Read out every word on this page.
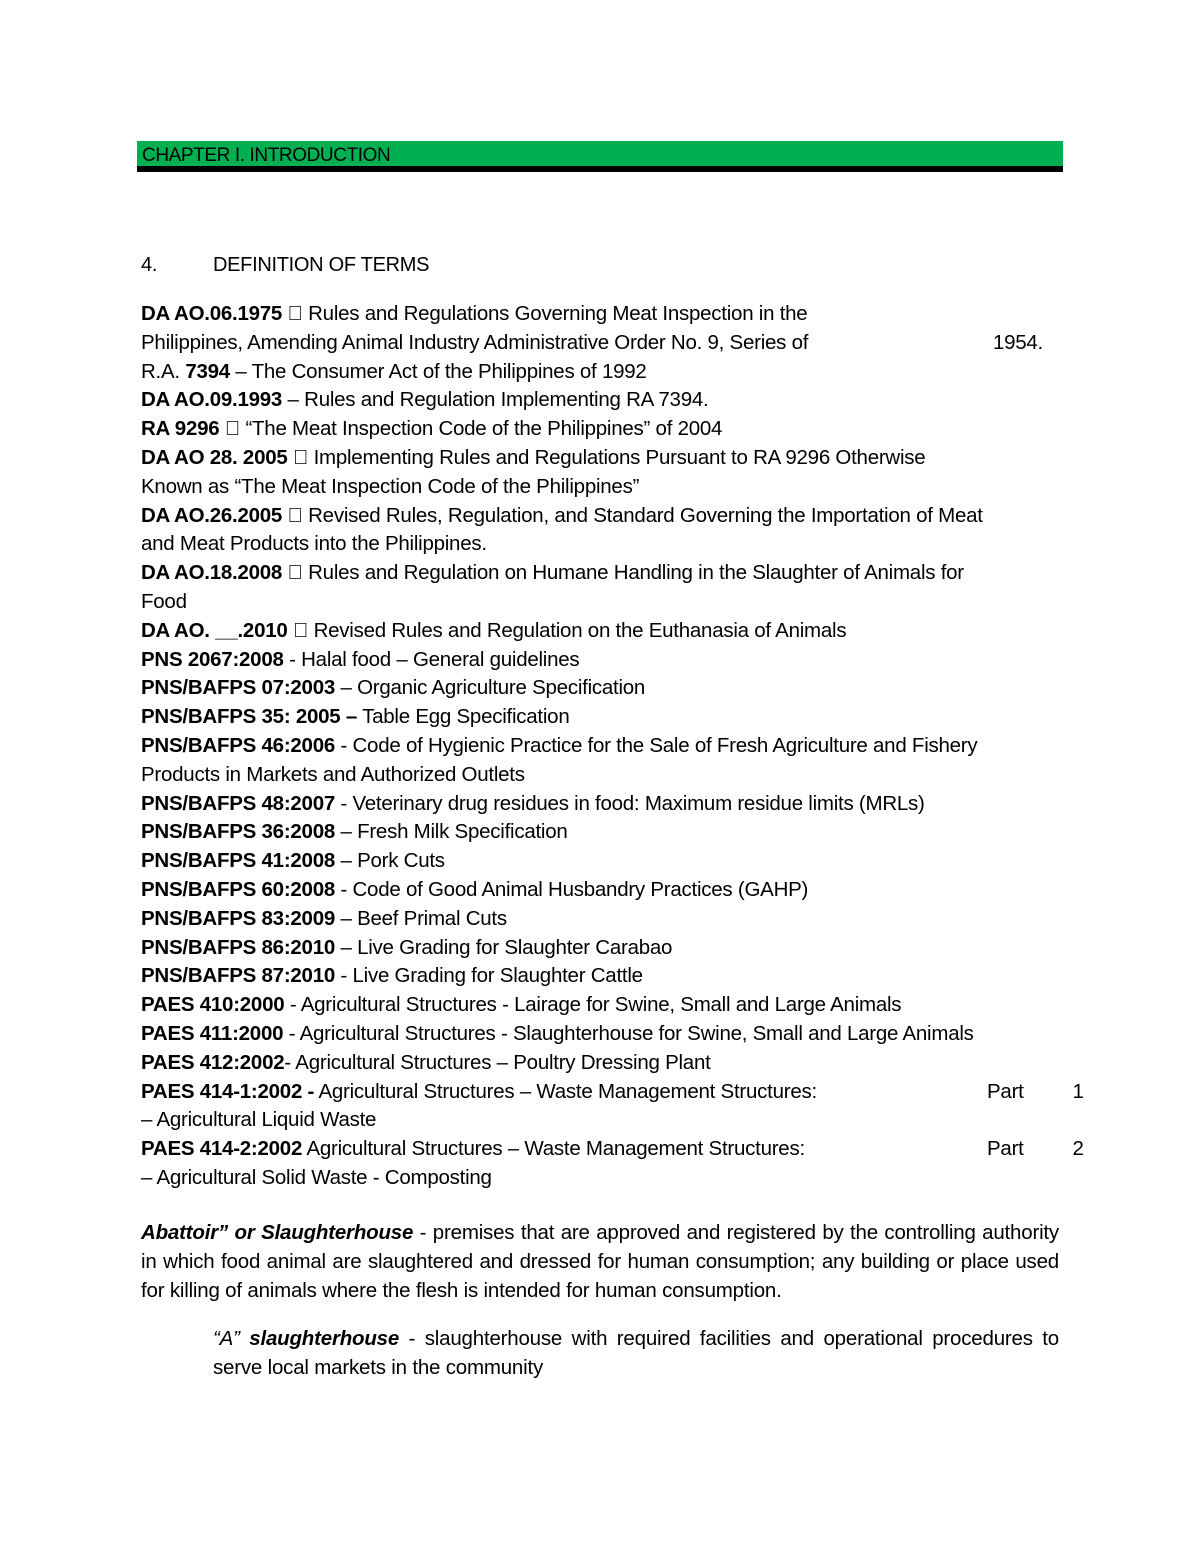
CHAPTER I. INTRODUCTION
4.	DEFINITION OF TERMS
DA AO.06.1975 Rules and Regulations Governing Meat Inspection in the
Philippines, Amending Animal Industry Administrative Order No. 9, Series of	1954.
R.A. 7394 – The Consumer Act of the Philippines of 1992
DA AO.09.1993 – Rules and Regulation Implementing RA 7394.
RA 9296 “The Meat Inspection Code of the Philippines” of 2004
DA AO 28. 2005 Implementing Rules and Regulations Pursuant to RA 9296 Otherwise
Known as “The Meat Inspection Code of the Philippines”
DA AO.26.2005 Revised Rules, Regulation, and Standard Governing the Importation of Meat
and Meat Products into the Philippines.
DA AO.18.2008 Rules and Regulation on Humane Handling in the Slaughter of Animals for
Food
DA AO. __.2010 Revised Rules and Regulation on the Euthanasia of Animals
PNS 2067:2008 - Halal food – General guidelines
PNS/BAFPS 07:2003 – Organic Agriculture Specification
PNS/BAFPS 35: 2005 – Table Egg Specification
PNS/BAFPS 46:2006 - Code of Hygienic Practice for the Sale of Fresh Agriculture and Fishery
Products in Markets and Authorized Outlets
PNS/BAFPS 48:2007 - Veterinary drug residues in food: Maximum residue limits (MRLs)
PNS/BAFPS 36:2008 – Fresh Milk Specification
PNS/BAFPS 41:2008 – Pork Cuts
PNS/BAFPS 60:2008 - Code of Good Animal Husbandry Practices (GAHP)
PNS/BAFPS 83:2009 – Beef Primal Cuts
PNS/BAFPS 86:2010 – Live Grading for Slaughter Carabao
PNS/BAFPS 87:2010 - Live Grading for Slaughter Cattle
PAES 410:2000 - Agricultural Structures - Lairage for Swine, Small and Large Animals
PAES 411:2000 - Agricultural Structures - Slaughterhouse for Swine, Small and Large Animals
PAES 412:2002- Agricultural Structures – Poultry Dressing Plant
PAES 414-1:2002 - Agricultural Structures – Waste Management Structures:	Part 1
– Agricultural Liquid Waste
PAES 414-2:2002 Agricultural Structures – Waste Management Structures:	Part 2
– Agricultural Solid Waste - Composting
Abattoir” or Slaughterhouse - premises that are approved and registered by the controlling authority in which food animal are slaughtered and dressed for human consumption; any building or place used for killing of animals where the flesh is intended for human consumption.
“A” slaughterhouse - slaughterhouse with required facilities and operational procedures to serve local markets in the community
